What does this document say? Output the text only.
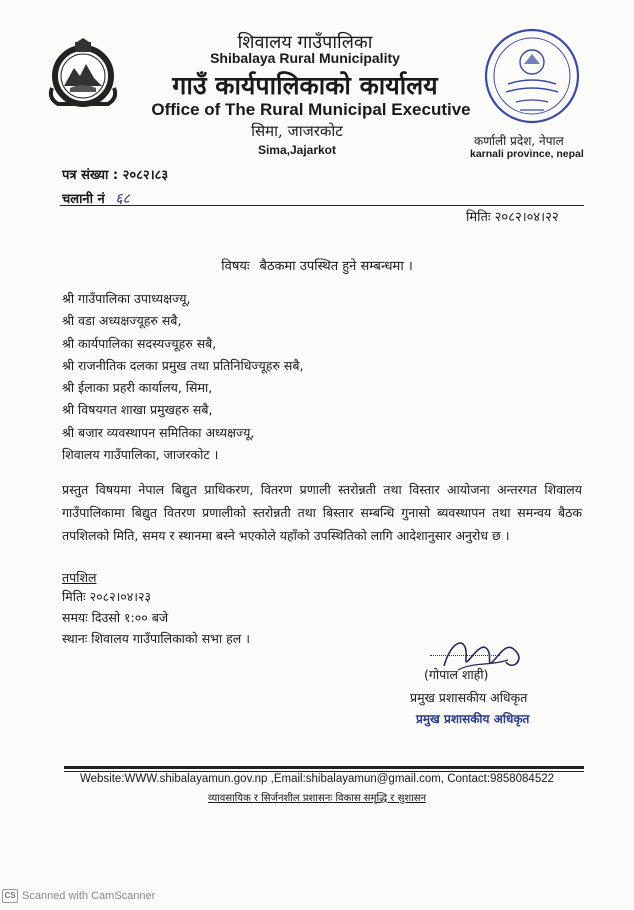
शिवालय गाउँपालिका
Shibalaya Rural Municipality
गाउँ कार्यपालिकाको कार्यालय
Office of The Rural Municipal Executive
सिमा, जाजरकोट
Sima,Jajarkot
कर्णाली प्रदेश, नेपाल
karnali province, nepal
पत्र संख्या : २०८२।८३
चलानी नं ६८
मितिः २०८२।०४।२२
विषयः बैठकमा उपस्थित हुने सम्बन्धमा ।
श्री गाउँपालिका उपाध्यक्षज्यू,
श्री वडा अध्यक्षज्यूहरु सबै,
श्री कार्यपालिका सदस्यज्यूहरु सबै,
श्री राजनीतिक दलका प्रमुख तथा प्रतिनिधिज्यूहरु सबै,
श्री ईलाका प्रहरी कार्यालय, सिमा,
श्री विषयगत शाखा प्रमुखहरु सबै,
श्री बजार व्यवस्थापन समितिका अध्यक्षज्यू,
शिवालय गाउँपालिका, जाजरकोट ।
प्रस्तुत विषयमा नेपाल बिद्युत प्राधिकरण, वितरण प्रणाली स्तरोन्नती तथा विस्तार आयोजना अन्तरगत शिवालय गाउँपालिकामा बिद्युत वितरण प्रणालीको स्तरोन्नती तथा बिस्तार सम्बन्धि गुनासो ब्यवस्थापन तथा समन्वय बैठक तपशिलको मिति, समय र स्थानमा बस्ने भएकोले यहाँको उपस्थितिको लागि आदेशानुसार अनुरोध छ ।
तपशिल
मितिः २०८२।०४।२३
समयः दिउसो १:०० बजे
स्थानः शिवालय गाउँपालिकाको सभा हल ।
(गोपाल शाही)
प्रमुख प्रशासकीय अधिकृत
प्रमुख प्रशासकीय अधिकृत
Website:WWW.shibalayamun.gov.np ,Email:shibalayamun@gmail.com, Contact:9858084522
व्यावसायिक र सिर्जनशील प्रशासनः विकास समृद्धि र सुशासन
CS Scanned with CamScanner
